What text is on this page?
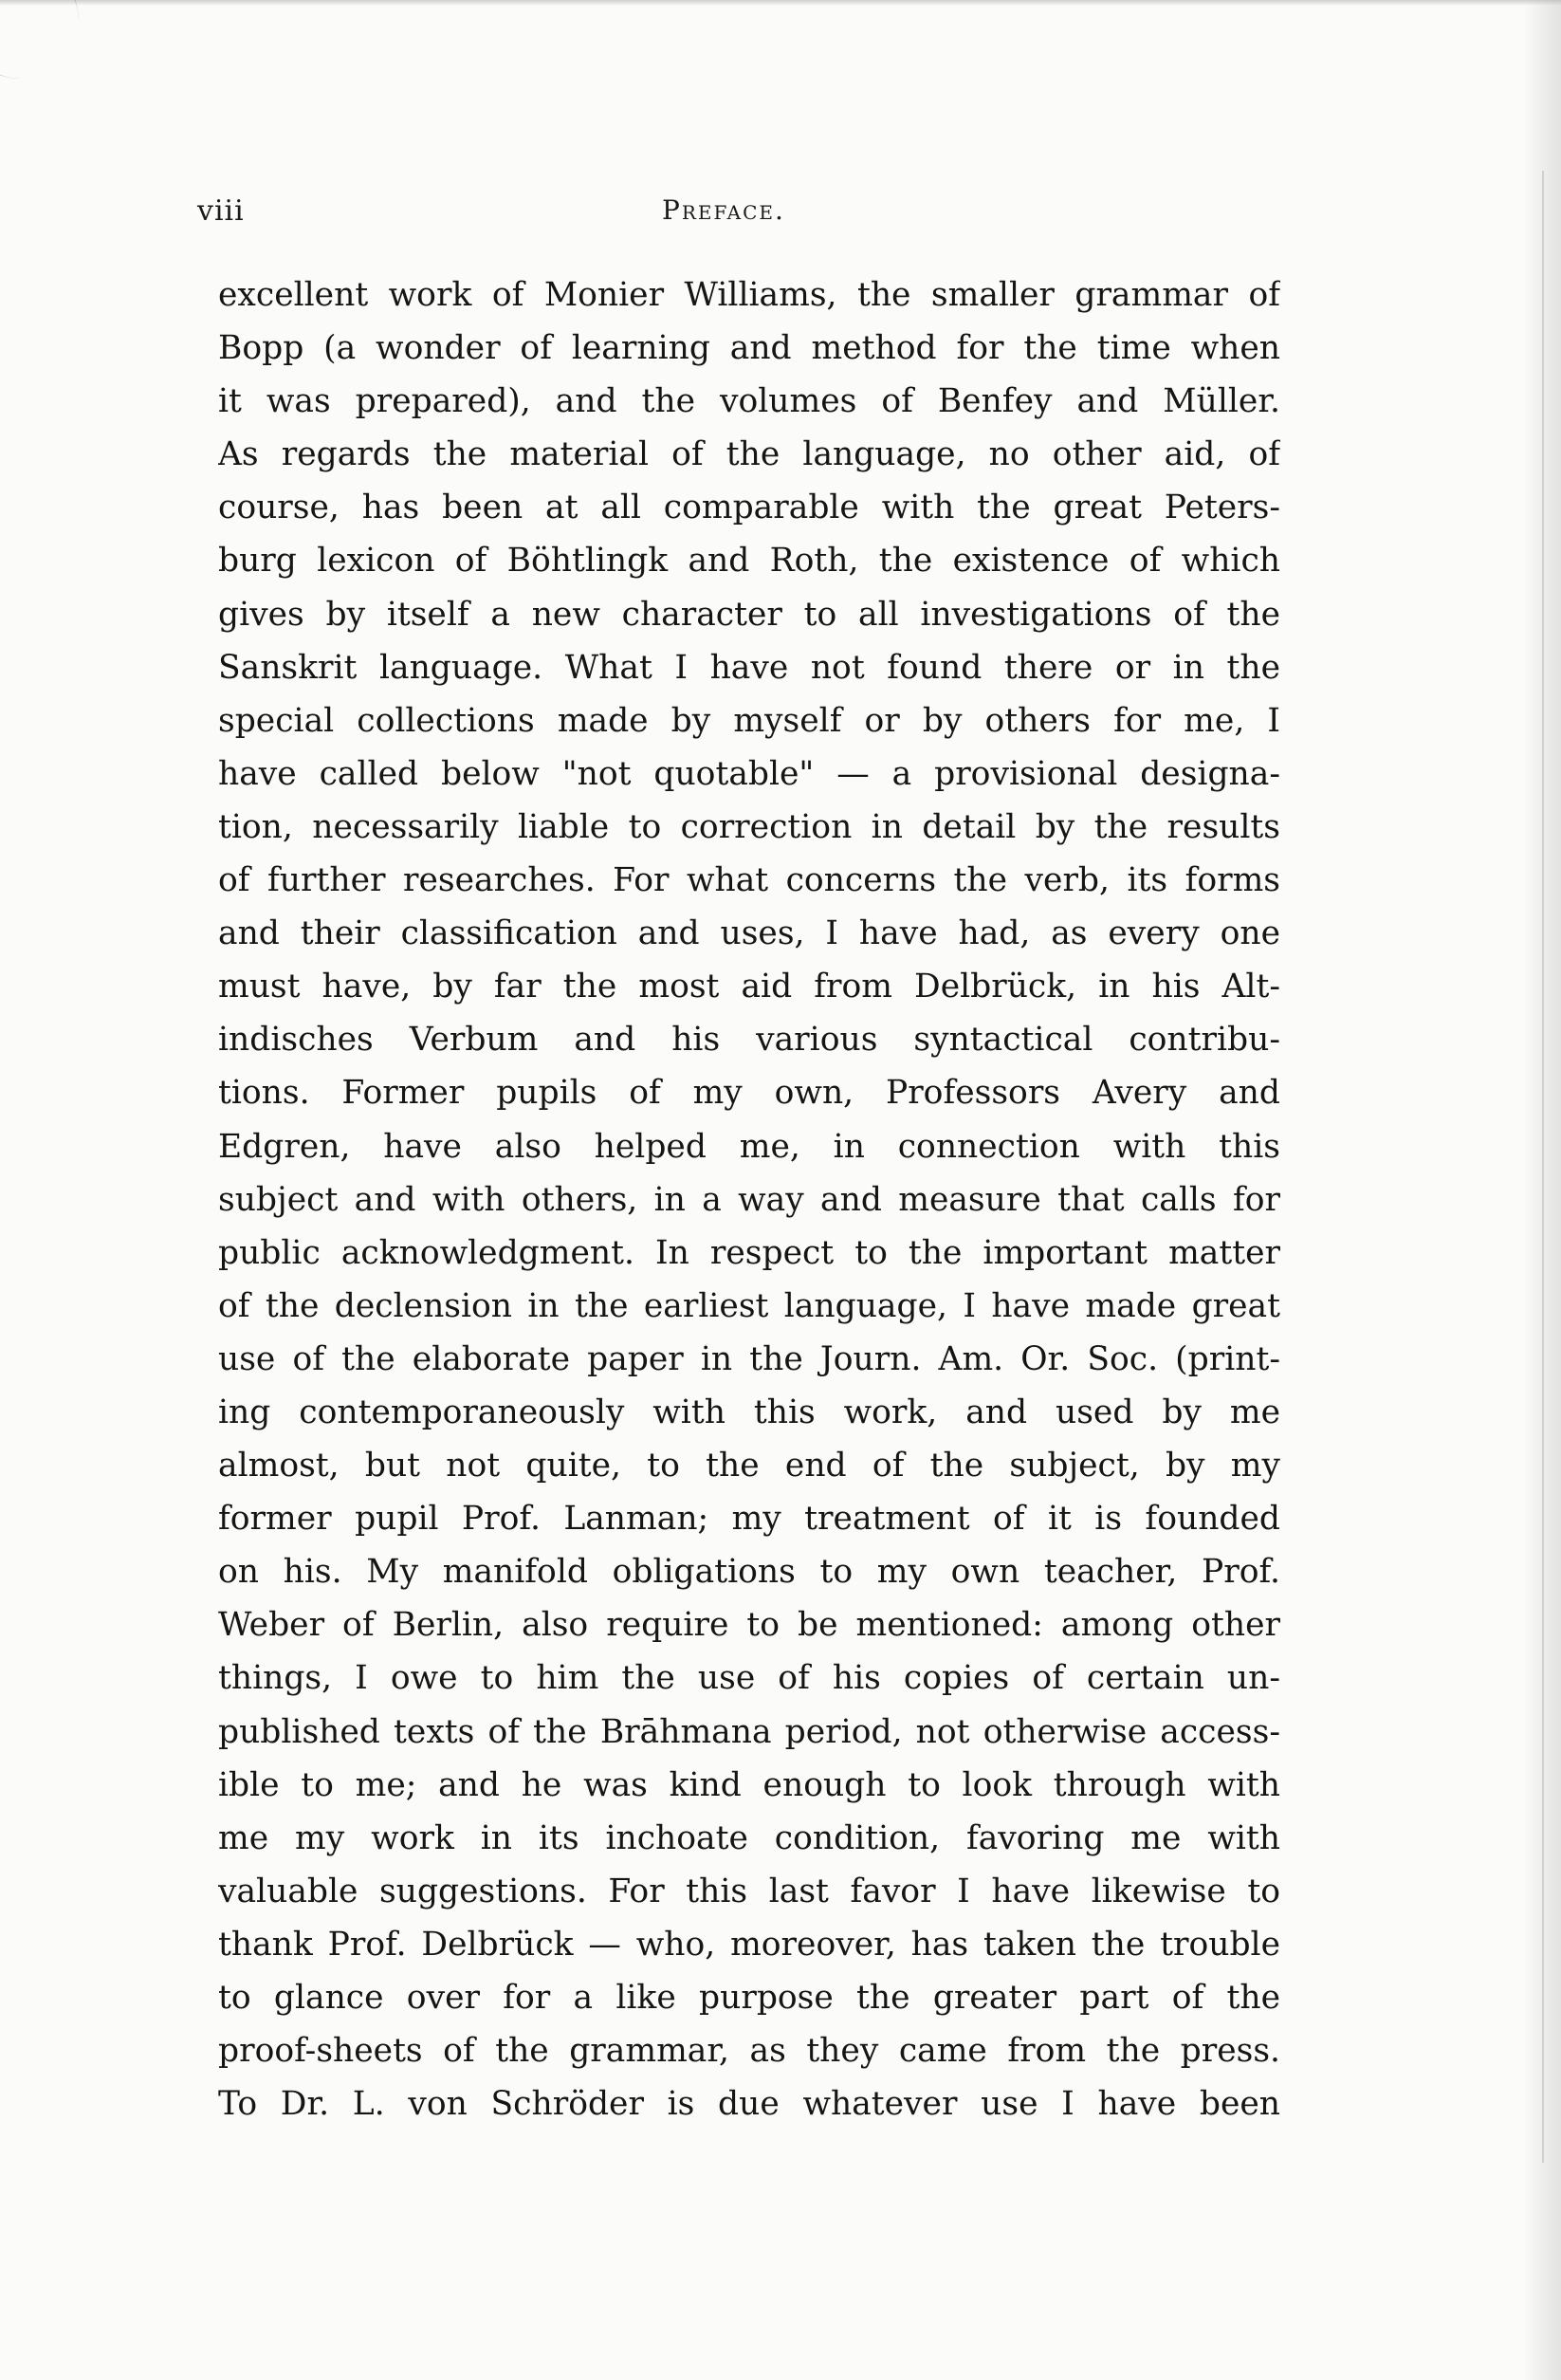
viii	Preface.
excellent work of Monier Williams, the smaller grammar of
Bopp (a wonder of learning and method for the time when
it was prepared), and the volumes of Benfey and Müller.
As regards the material of the language, no other aid, of
course, has been at all comparable with the great Peters-
burg lexicon of Böhtlingk and Roth, the existence of which
gives by itself a new character to all investigations of the
Sanskrit language. What I have not found there or in the
special collections made by myself or by others for me, I
have called below "not quotable" — a provisional designa-
tion, necessarily liable to correction in detail by the results
of further researches. For what concerns the verb, its forms
and their classification and uses, I have had, as every one
must have, by far the most aid from Delbrück, in his Alt-
indisches Verbum and his various syntactical contribu-
tions. Former pupils of my own, Professors Avery and
Edgren, have also helped me, in connection with this
subject and with others, in a way and measure that calls for
public acknowledgment. In respect to the important matter
of the declension in the earliest language, I have made great
use of the elaborate paper in the Journ. Am. Or. Soc. (print-
ing contemporaneously with this work, and used by me
almost, but not quite, to the end of the subject, by my
former pupil Prof. Lanman; my treatment of it is founded
on his. My manifold obligations to my own teacher, Prof.
Weber of Berlin, also require to be mentioned: among other
things, I owe to him the use of his copies of certain un-
published texts of the Brāhmana period, not otherwise access-
ible to me; and he was kind enough to look through with
me my work in its inchoate condition, favoring me with
valuable suggestions. For this last favor I have likewise to
thank Prof. Delbrück — who, moreover, has taken the trouble
to glance over for a like purpose the greater part of the
proof-sheets of the grammar, as they came from the press.
To Dr. L. von Schröder is due whatever use I have been
